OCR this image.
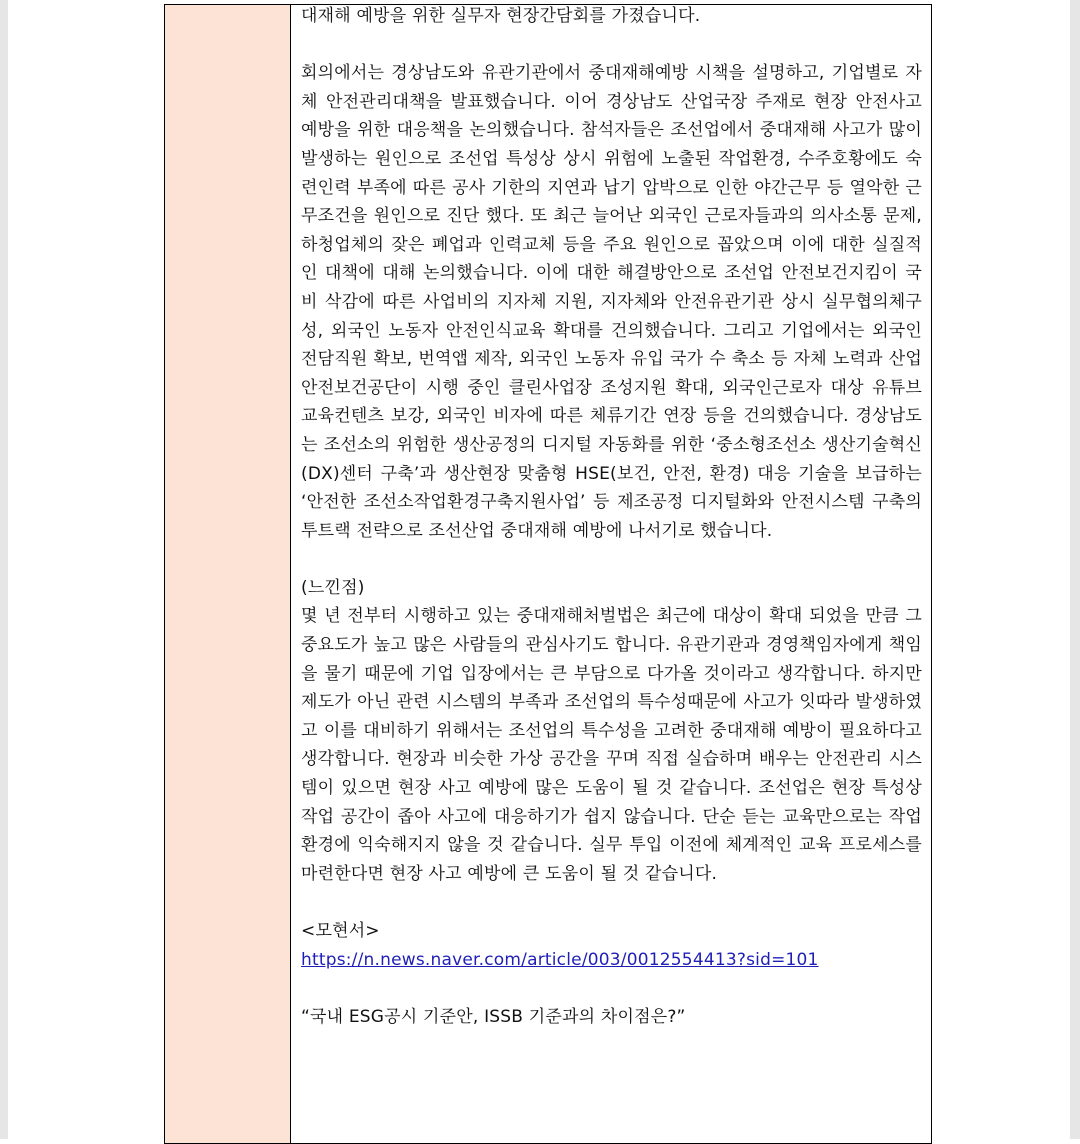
대재해 예방을 위한 실무자 현장간담회를 가졌습니다.

회의에서는 경상남도와 유관기관에서 중대재해예방 시책을 설명하고, 기업별로 자체 안전관리대책을 발표했습니다. 이어 경상남도 산업국장 주재로 현장 안전사고 예방을 위한 대응책을 논의했습니다. 참석자들은 조선업에서 중대재해 사고가 많이 발생하는 원인으로 조선업 특성상 상시 위험에 노출된 작업환경, 수주호황에도 숙련인력 부족에 따른 공사 기한의 지연과 납기 압박으로 인한 야간근무 등 열악한 근무조건을 원인으로 진단 했다. 또 최근 늘어난 외국인 근로자들과의 의사소통 문제, 하청업체의 잦은 폐업과 인력교체 등을 주요 원인으로 꼽았으며 이에 대한 실질적인 대책에 대해 논의했습니다. 이에 대한 해결방안으로 조선업 안전보건지킴이 국비 삭감에 따른 사업비의 지자체 지원, 지자체와 안전유관기관 상시 실무협의체구성, 외국인 노동자 안전인식교육 확대를 건의했습니다. 그리고 기업에서는 외국인 전담직원 확보, 번역앱 제작, 외국인 노동자 유입 국가 수 축소 등 자체 노력과 산업안전보건공단이 시행 중인 클린사업장 조성지원 확대, 외국인근로자 대상 유튜브 교육컨텐츠 보강, 외국인 비자에 따른 체류기간 연장 등을 건의했습니다. 경상남도는 조선소의 위험한 생산공정의 디지털 자동화를 위한 ‘중소형조선소 생산기술혁신(DX)센터 구축’과 생산현장 맞춤형 HSE(보건, 안전, 환경) 대응 기술을 보급하는 ‘안전한 조선소작업환경구축지원사업’ 등 제조공정 디지털화와 안전시스템 구축의 투트랙 전략으로 조선산업 중대재해 예방에 나서기로 했습니다.

(느낀점)

몇 년 전부터 시행하고 있는 중대재해처벌법은 최근에 대상이 확대 되었을 만큼 그 중요도가 높고 많은 사람들의 관심사기도 합니다. 유관기관과 경영책임자에게 책임을 물기 때문에 기업 입장에서는 큰 부담으로 다가올 것이라고 생각합니다. 하지만 제도가 아닌 관련 시스템의 부족과 조선업의 특수성때문에 사고가 잇따라 발생하였고 이를 대비하기 위해서는 조선업의 특수성을 고려한 중대재해 예방이 필요하다고 생각합니다. 현장과 비슷한 가상 공간을 꾸며 직접 실습하며 배우는 안전관리 시스템이 있으면 현장 사고 예방에 많은 도움이 될 것 같습니다. 조선업은 현장 특성상 작업 공간이 좁아 사고에 대응하기가 쉽지 않습니다. 단순 듣는 교육만으로는 작업 환경에 익숙해지지 않을 것 같습니다. 실무 투입 이전에 체계적인 교육 프로세스를 마련한다면 현장 사고 예방에 큰 도움이 될 것 같습니다.

<모현서>

https://n.news.naver.com/article/003/0012554413?sid=101

“국내 ESG공시 기준안, ISSB 기준과의 차이점은?”
